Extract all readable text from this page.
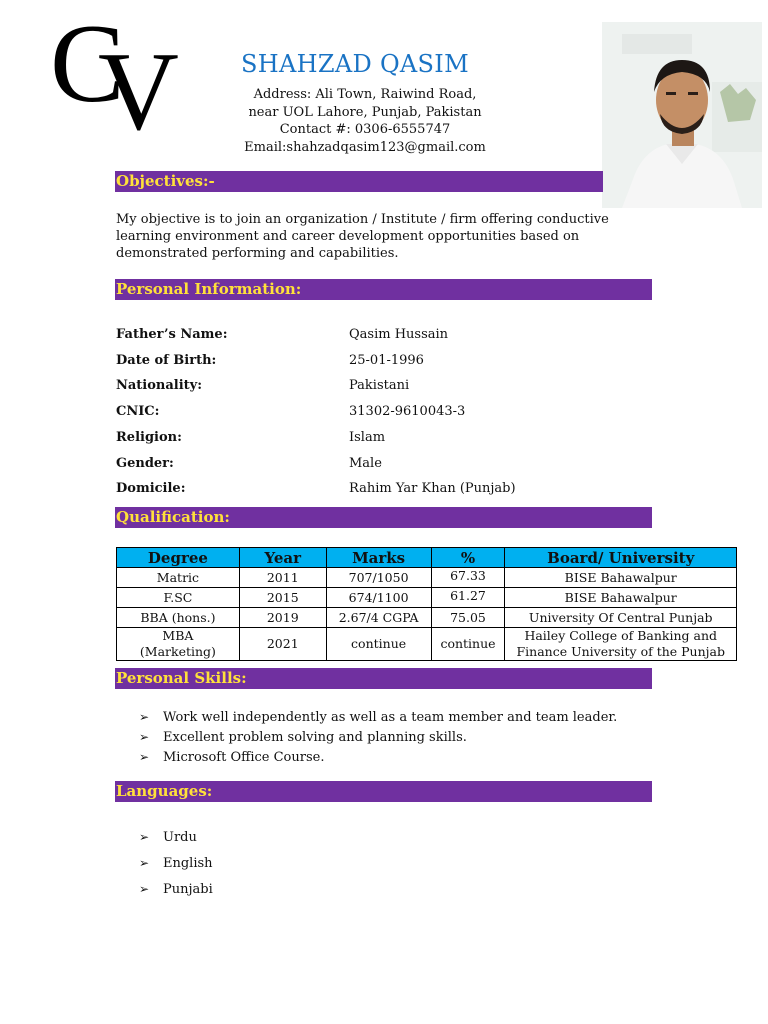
C
V	SHAHZAD QASIM
Address: Ali Town, Raiwind Road,
near UOL Lahore, Punjab, Pakistan
Contact #: 0306-6555747
Email:shahzadqasim123@gmail.com
Objectives:-
My objective is to join an organization / Institute / firm offering conductive
learning environment and career development opportunities based on
demonstrated performing and capabilities.
Personal Information:
Father’s Name:	Qasim Hussain
Date of Birth:	25-01-1996
Nationality:	Pakistani
CNIC:	31302-9610043-3
Religion:	Islam
Gender:	Male
Domicile:	Rahim Yar Khan (Punjab)
Qualification:
Degree	Year	Marks	%	Board/ University
Matric	2011	707/1050	67.33	BISE Bahawalpur
F.SC	2015	674/1100	61.27	BISE Bahawalpur
BBA (hons.)	2019	2.67/4 CGPA	75.05	University Of Central Punjab
MBA
(Marketing)	2021	continue	continue	Hailey College of Banking and
Finance University of the Punjab
Personal Skills:
➢ Work well independently as well as a team member and team leader.
➢ Excellent problem solving and planning skills.
➢ Microsoft Office Course.
Languages:
➢ Urdu
➢ English
➢ Punjabi
